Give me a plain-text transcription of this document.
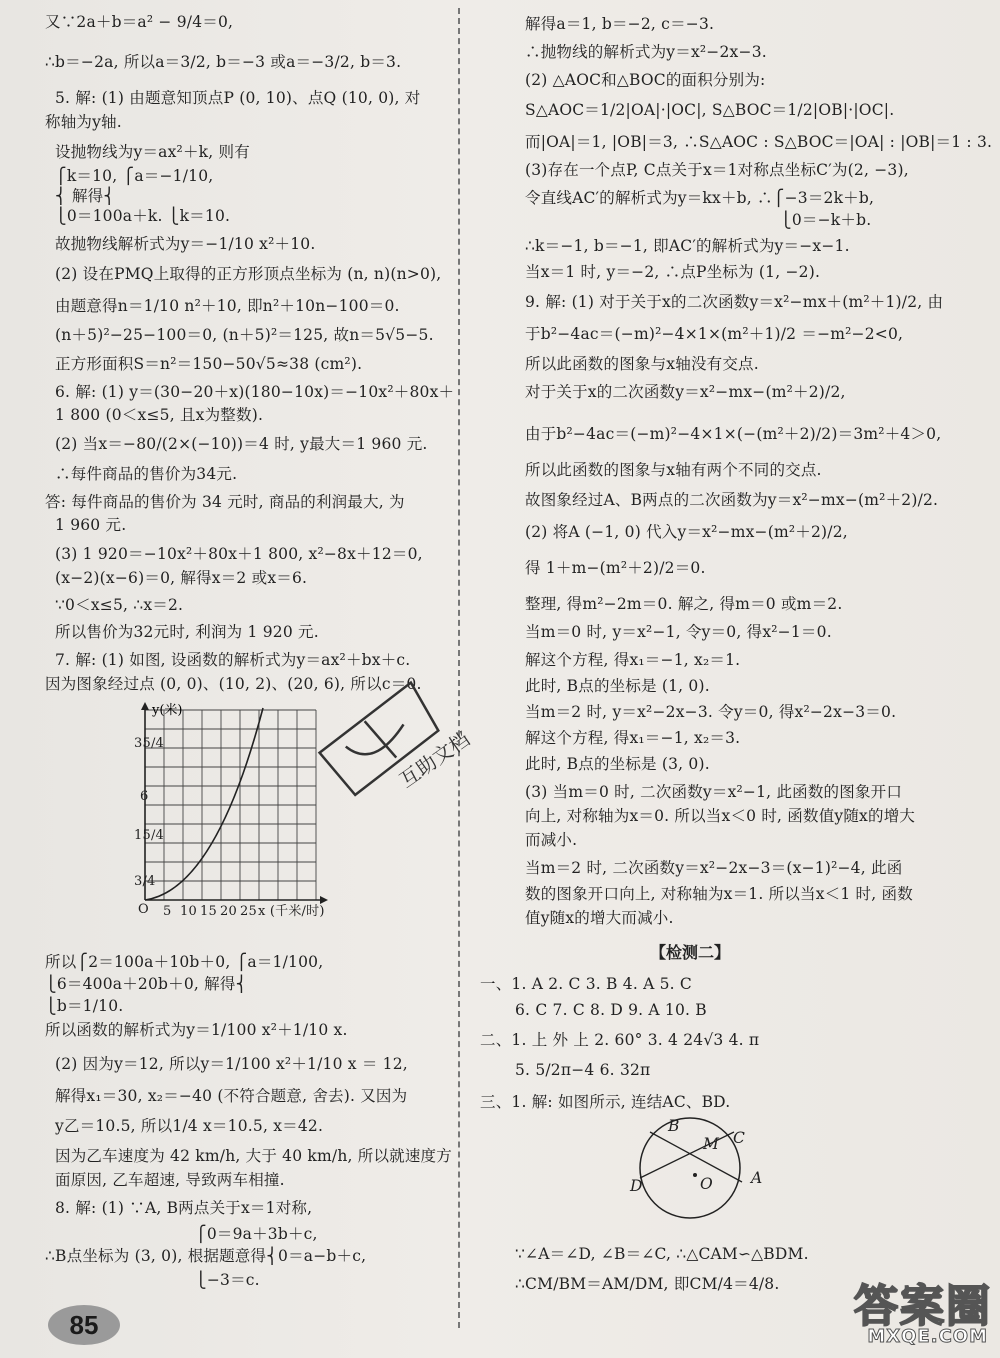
又∵2a＋b＝a² − 9/4＝0,
∴b＝−2a, 所以a＝3/2, b＝−3 或a＝−3/2, b＝3.
5. 解: (1) 由题意知顶点P (0, 10)、点Q (10, 0), 对
称轴为y轴.
设抛物线为y＝ax²＋k, 则有
⎧k＝10, ⎧a＝−1/10,
⎨ 解得⎨
⎩0＝100a＋k. ⎩k＝10.
故抛物线解析式为y＝−1/10 x²＋10.
(2) 设在PMQ上取得的正方形顶点坐标为 (n, n)(n>0),
由题意得n＝1/10 n²＋10, 即n²＋10n−100＝0.
(n＋5)²−25−100＝0, (n＋5)²＝125, 故n＝5√5−5.
正方形面积S＝n²＝150−50√5≈38 (cm²).
6. 解: (1) y＝(30−20＋x)(180−10x)＝−10x²＋80x＋
1 800 (0＜x≤5, 且x为整数).
(2) 当x＝−80/(2×(−10))＝4 时, y最大＝1 960 元.
∴每件商品的售价为34元.
答: 每件商品的售价为 34 元时, 商品的利润最大, 为
1 960 元.
(3) 1 920＝−10x²＋80x＋1 800, x²−8x＋12＝0,
(x−2)(x−6)＝0, 解得x＝2 或x＝6.
∵0＜x≤5, ∴x＝2.
所以售价为32元时, 利润为 1 920 元.
7. 解: (1) 如图, 设函数的解析式为y＝ax²＋bx＋c.
因为图象经过点 (0, 0)、(10, 2)、(20, 6), 所以c＝0.
所以⎧2＝100a＋10b＋0, ⎧a＝1/100,
⎩6＝400a＋20b＋0, 解得⎨
⎩b＝1/10.
所以函数的解析式为y＝1/100 x²＋1/10 x.
(2) 因为y＝12, 所以y＝1/100 x²＋1/10 x ＝ 12,
解得x₁＝30, x₂＝−40 (不符合题意, 舍去). 又因为
y乙＝10.5, 所以1/4 x＝10.5, x＝42.
因为乙车速度为 42 km/h, 大于 40 km/h, 所以就速度方
面原因, 乙车超速, 导致两车相撞.
8. 解: (1) ∵A, B两点关于x＝1对称,
⎧0＝9a＋3b＋c,
∴B点坐标为 (3, 0), 根据题意得⎨0＝a−b＋c,
⎩−3＝c.
解得a＝1, b＝−2, c＝−3.
∴抛物线的解析式为y＝x²−2x−3.
(2) △AOC和△BOC的面积分别为:
S△AOC＝1/2|OA|·|OC|, S△BOC＝1/2|OB|·|OC|.
而|OA|＝1, |OB|＝3, ∴S△AOC : S△BOC＝|OA| : |OB|＝1 : 3.
(3)存在一个点P, C点关于x＝1对称点坐标C′为(2, −3),
令直线AC′的解析式为y＝kx＋b, ∴⎧−3＝2k＋b,
⎩0＝−k＋b.
∴k＝−1, b＝−1, 即AC′的解析式为y＝−x−1.
当x＝1 时, y＝−2, ∴点P坐标为 (1, −2).
9. 解: (1) 对于关于x的二次函数y＝x²−mx＋(m²＋1)/2, 由
于b²−4ac＝(−m)²−4×1×(m²＋1)/2 ＝−m²−2<0,
所以此函数的图象与x轴没有交点.
对于关于x的二次函数y＝x²−mx−(m²＋2)/2,
由于b²−4ac＝(−m)²−4×1×(−(m²＋2)/2)＝3m²＋4＞0,
所以此函数的图象与x轴有两个不同的交点.
故图象经过A、B两点的二次函数为y＝x²−mx−(m²＋2)/2.
(2) 将A (−1, 0) 代入y＝x²−mx−(m²＋2)/2,
得 1＋m−(m²＋2)/2＝0.
整理, 得m²−2m＝0. 解之, 得m＝0 或m＝2.
当m＝0 时, y＝x²−1, 令y＝0, 得x²−1＝0.
解这个方程, 得x₁＝−1, x₂＝1.
此时, B点的坐标是 (1, 0).
当m＝2 时, y＝x²−2x−3. 令y＝0, 得x²−2x−3＝0.
解这个方程, 得x₁＝−1, x₂＝3.
此时, B点的坐标是 (3, 0).
(3) 当m＝0 时, 二次函数y＝x²−1, 此函数的图象开口
向上, 对称轴为x＝0. 所以当x＜0 时, 函数值y随x的增大
而减小.
当m＝2 时, 二次函数y＝x²−2x−3＝(x−1)²−4, 此函
数的图象开口向上, 对称轴为x＝1. 所以当x＜1 时, 函数
值y随x的增大而减小.
一、1. A 2. C 3. B 4. A 5. C
6. C 7. C 8. D 9. A 10. B
二、1. 上 外 上 2. 60° 3. 4 24√3 4. π
5. 5/2π−4 6. 32π
三、1. 解: 如图所示, 连结AC、BD.
∵∠A＝∠D, ∠B＝∠C, ∴△CAM∽△BDM.
∴CM/BM＝AM/DM, 即CM/4＝4/8.
y(米)
35/4
6
15/4
3/4
O 5 10 15 20 25 x (千米/时)
B
M C
D	O A
【检测二】
互助文档
85	答案圈
MXQE.COM
